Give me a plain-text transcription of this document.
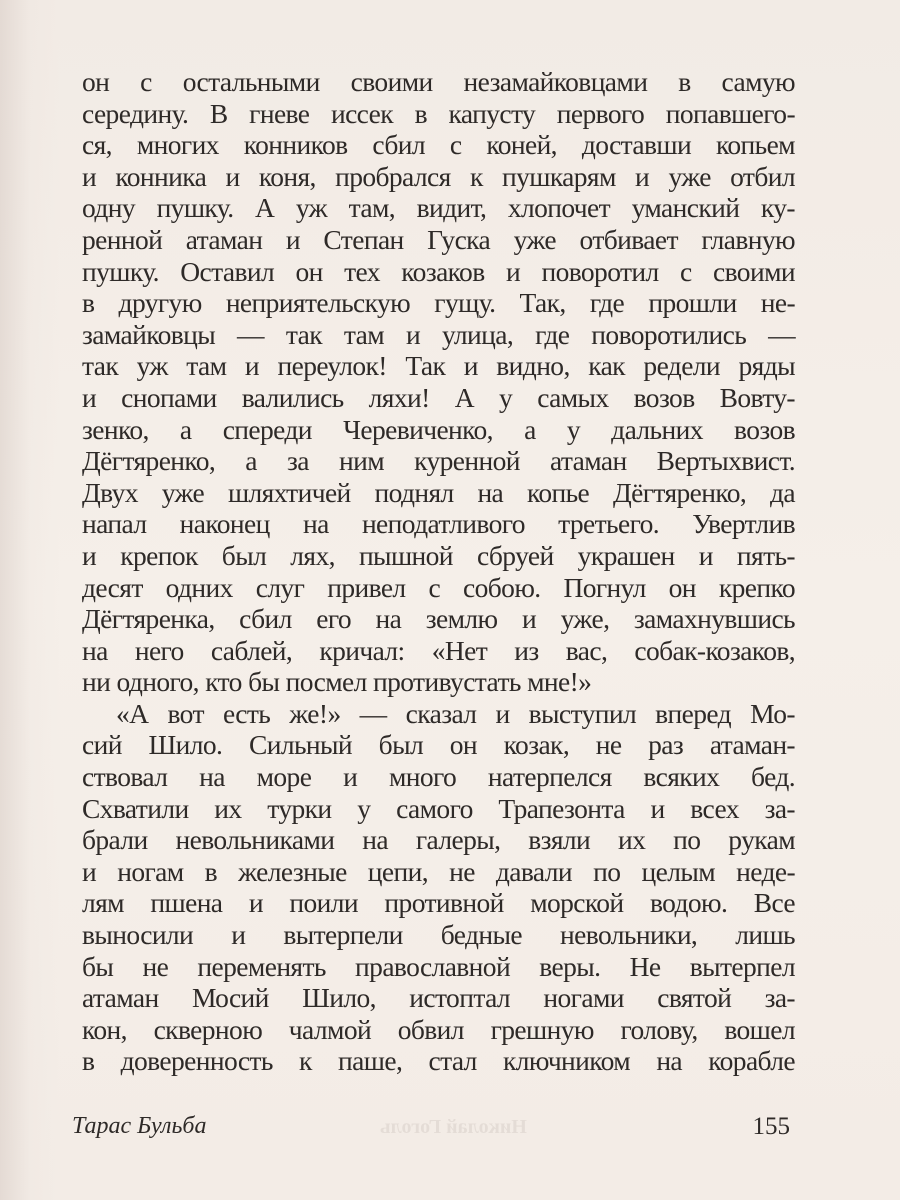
он с остальными своими незамайковцами в самую
середину. В гневе иссек в капусту первого попавшего-
ся, многих конников сбил с коней, доставши копьем
и конника и коня, пробрался к пушкарям и уже отбил
одну пушку. А уж там, видит, хлопочет уманский ку-
ренной атаман и Степан Гуска уже отбивает главную
пушку. Оставил он тех козаков и поворотил с своими
в другую неприятельскую гущу. Так, где прошли не-
замайковцы — так там и улица, где поворотились —
так уж там и переулок! Так и видно, как редели ряды
и снопами валились ляхи! А у самых возов Вовту-
зенко, а спереди Черевиченко, а у дальних возов
Дёгтяренко, а за ним куренной атаман Вертыхвист.
Двух уже шляхтичей поднял на копье Дёгтяренко, да
напал наконец на неподатливого третьего. Увертлив
и крепок был лях, пышной сбруей украшен и пять-
десят одних слуг привел с собою. Погнул он крепко
Дёгтяренка, сбил его на землю и уже, замахнувшись
на него саблей, кричал: «Нет из вас, собак-козаков,
ни одного, кто бы посмел противустать мне!»
«А вот есть же!» — сказал и выступил вперед Мо-
сий Шило. Сильный был он козак, не раз атаман-
ствовал на море и много натерпелся всяких бед.
Схватили их турки у самого Трапезонта и всех за-
брали невольниками на галеры, взяли их по рукам
и ногам в железные цепи, не давали по целым неде-
лям пшена и поили противной морской водою. Все
выносили и вытерпели бедные невольники, лишь
бы не переменять православной веры. Не вытерпел
атаман Мосий Шило, истоптал ногами святой за-
кон, скверною чалмой обвил грешную голову, вошел
в доверенность к паше, стал ключником на корабле
Николай Гоголь
Тарас Бульба	155
